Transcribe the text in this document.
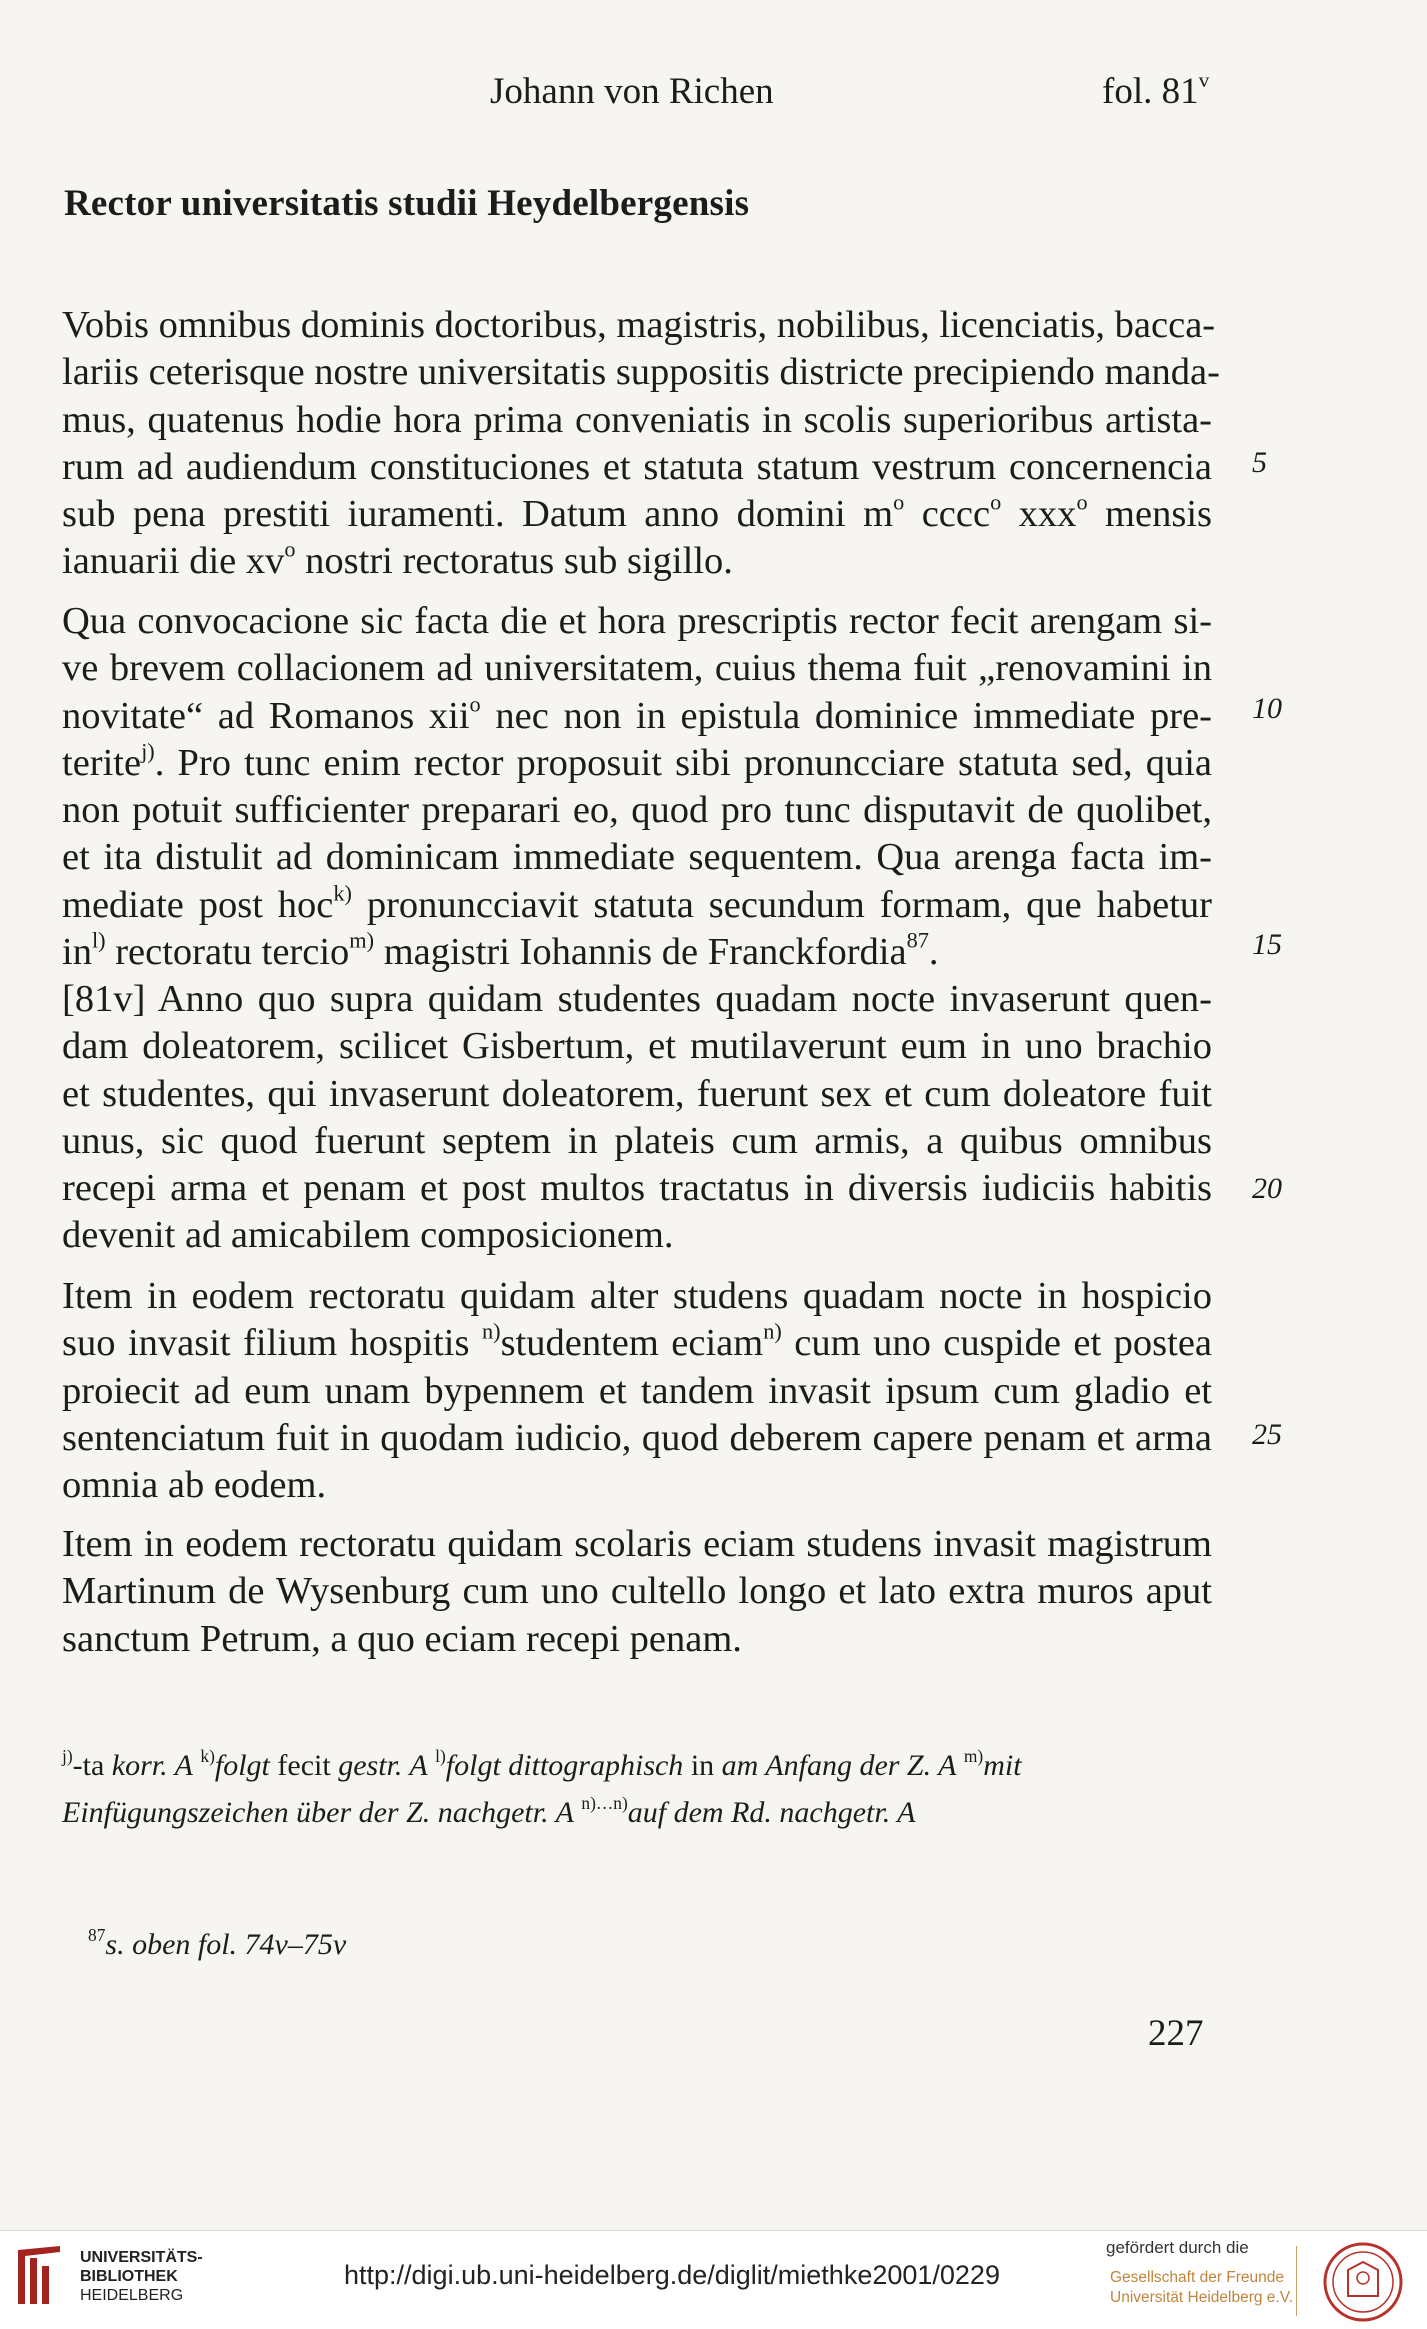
Johann von Richen	fol. 81$^v$
Rector universitatis studii Heydelbergensis
Vobis omnibus dominis doctoribus, magistris, nobilibus, licenciatis, bacca-
lariis ceterisque nostre universitatis suppositis districte precipiendo manda-
mus, quatenus hodie hora prima conveniatis in scolis superioribus artista-
rum ad audiendum constituciones et statuta statum vestrum concernencia
sub pena prestiti iuramenti. Datum anno domini $m^o$ cccc$^o$ xxx$^o$ mensis
ianuarii die $xv^o$ nostri rectoratus sub sigillo.
Qua convocacione sic facta die et hora prescriptis rector fecit arengam si-
ve brevem collacionem ad universitatem, cuius thema fuit „renovamini in
novitate“ ad Romanos xii$^o$ nec non in epistula dominice immediate pre-
terite$^{j)}$. Pro tunc enim rector proposuit sibi pronuncciare statuta sed, quia
non potuit sufficienter preparari eo, quod pro tunc disputavit de quolibet,
et ita distulit ad dominicam immediate sequentem. Qua arenga facta im-
mediate post hoc$^{k)}$ pronuncciavit statuta secundum formam, que habetur
$in^{l)}$ rectoratu tercio$^{m)}$ magistri Iohannis de Franckfordia$^{87}$.
[81v] Anno quo supra quidam studentes quadam nocte invaserunt quen-
dam doleatorem, scilicet Gisbertum, et mutilaverunt eum in uno brachio
et studentes, qui invaserunt doleatorem, fuerunt sex et cum doleatore fuit
unus, sic quod fuerunt septem in plateis cum armis, a quibus omnibus
recepi arma et penam et post multos tractatus in diversis iudiciis habitis
devenit ad amicabilem composicionem.
Item in eodem rectoratu quidam alter studens quadam nocte in hospicio
suo invasit filium hospitis $^{n)}$studentem eciam$^{n)}$ cum uno cuspide et postea
proiecit ad eum unam bypennem et tandem invasit ipsum cum gladio et
sentenciatum fuit in quodam iudicio, quod deberem capere penam et arma
omnia ab eodem.
Item in eodem rectoratu quidam scolaris eciam studens invasit magistrum
Martinum de Wysenburg cum uno cultello longo et lato extra muros aput
sanctum Petrum, a quo eciam recepi penam.
5
10
15
20
25
$^{j)}$-ta korr. A $^{k)}$folgt fecit gestr. A $^{l)}$folgt dittographisch in am Anfang der Z. A $^{m)}$mit
Einfügungszeichen über der Z. nachgetr. A $^{n)\dots n)}$auf dem Rd. nachgetr. A
$^{87}$s. oben fol. 74v–75v
227
UNIVERSITÄTS-
BIBLIOTHEK
HEIDELBERG
http://digi.ub.uni-heidelberg.de/diglit/miethke2001/0229
gefördert durch die
Gesellschaft der Freunde
Universität Heidelberg e.V.
